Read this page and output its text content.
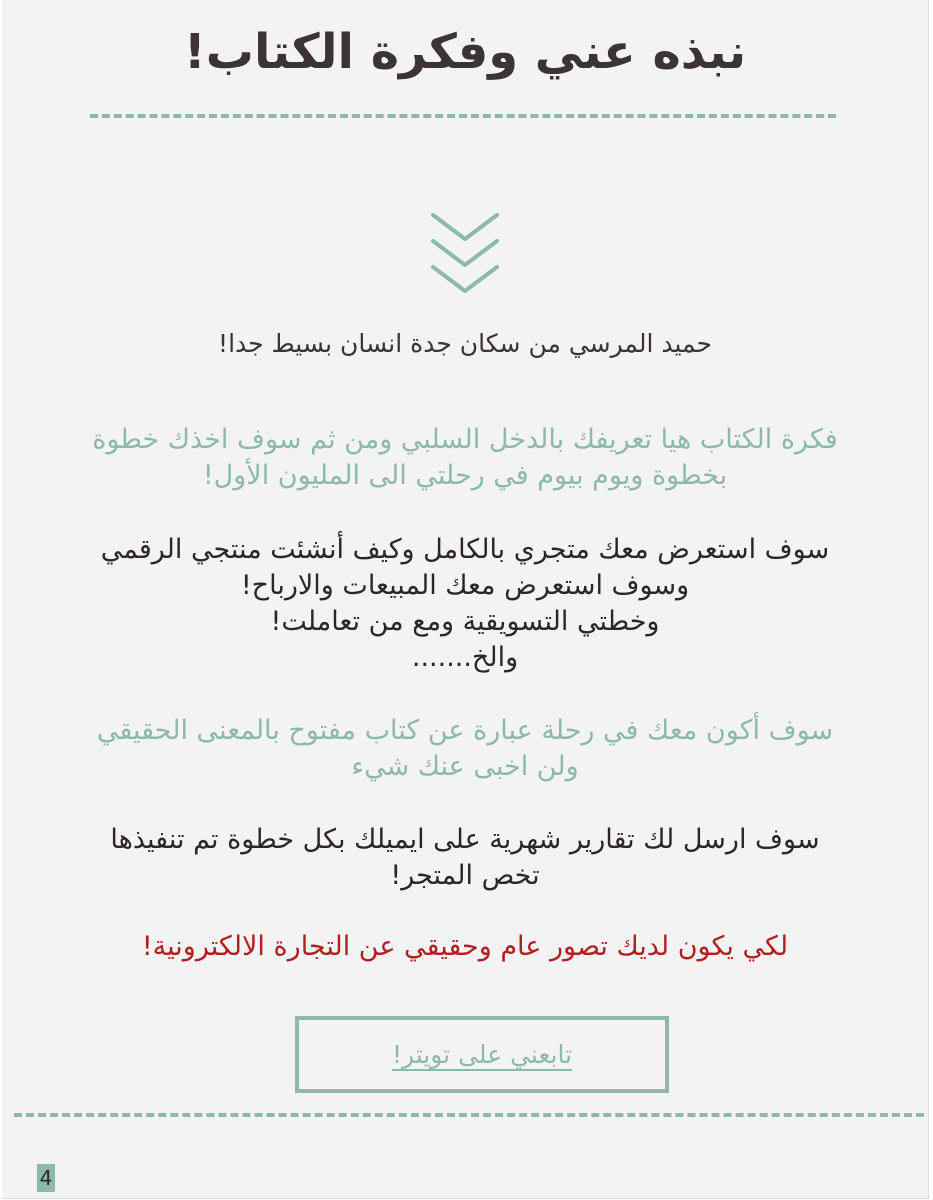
نبذه عني وفكرة الكتاب!

حميد المرسي من سكان جدة انسان بسيط جدا!

فكرة الكتاب هيا تعريفك بالدخل السلبي ومن ثم سوف اخذك خطوة
بخطوة ويوم بيوم في رحلتي الى المليون الأول!

سوف استعرض معك متجري بالكامل وكيف أنشئت منتجي الرقمي
وسوف استعرض معك المبيعات والارباح!
وخطتي التسويقية ومع من تعاملت!
والخ.......

سوف أكون معك في رحلة عبارة عن كتاب مفتوح بالمعنى الحقيقي
ولن اخبى عنك شيء

سوف ارسل لك تقارير شهرية على ايميلك بكل خطوة تم تنفيذها
تخص المتجر!

لكي يكون لديك تصور عام وحقيقي عن التجارة الالكترونية!

تابعني على تويتر!
4
